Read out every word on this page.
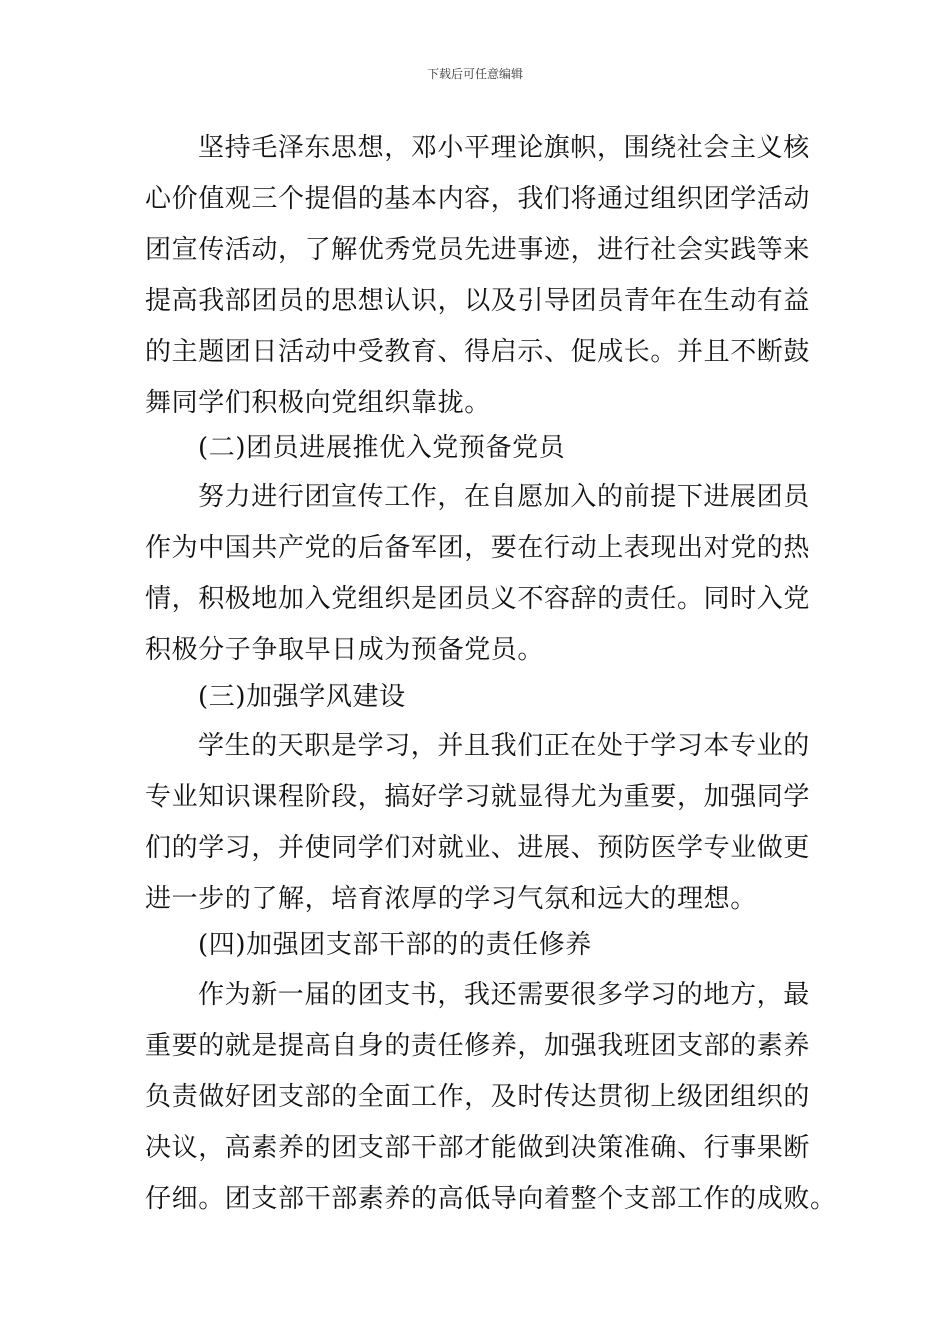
下载后可任意编辑
坚持毛泽东思想，邓小平理论旗帜，围绕社会主义核
心价值观三个提倡的基本内容，我们将通过组织团学活动
团宣传活动，了解优秀党员先进事迹，进行社会实践等来
提高我部团员的思想认识，以及引导团员青年在生动有益
的主题团日活动中受教育、得启示、促成长。并且不断鼓
舞同学们积极向党组织靠拢。
(二)团员进展推优入党预备党员
努力进行团宣传工作，在自愿加入的前提下进展团员
作为中国共产党的后备军团，要在行动上表现出对党的热
情，积极地加入党组织是团员义不容辞的责任。同时入党
积极分子争取早日成为预备党员。
(三)加强学风建设
学生的天职是学习，并且我们正在处于学习本专业的
专业知识课程阶段，搞好学习就显得尤为重要，加强同学
们的学习，并使同学们对就业、进展、预防医学专业做更
进一步的了解，培育浓厚的学习气氛和远大的理想。
(四)加强团支部干部的的责任修养
作为新一届的团支书，我还需要很多学习的地方，最
重要的就是提高自身的责任修养，加强我班团支部的素养
负责做好团支部的全面工作，及时传达贯彻上级团组织的
决议，高素养的团支部干部才能做到决策准确、行事果断
仔细。团支部干部素养的高低导向着整个支部工作的成败。
